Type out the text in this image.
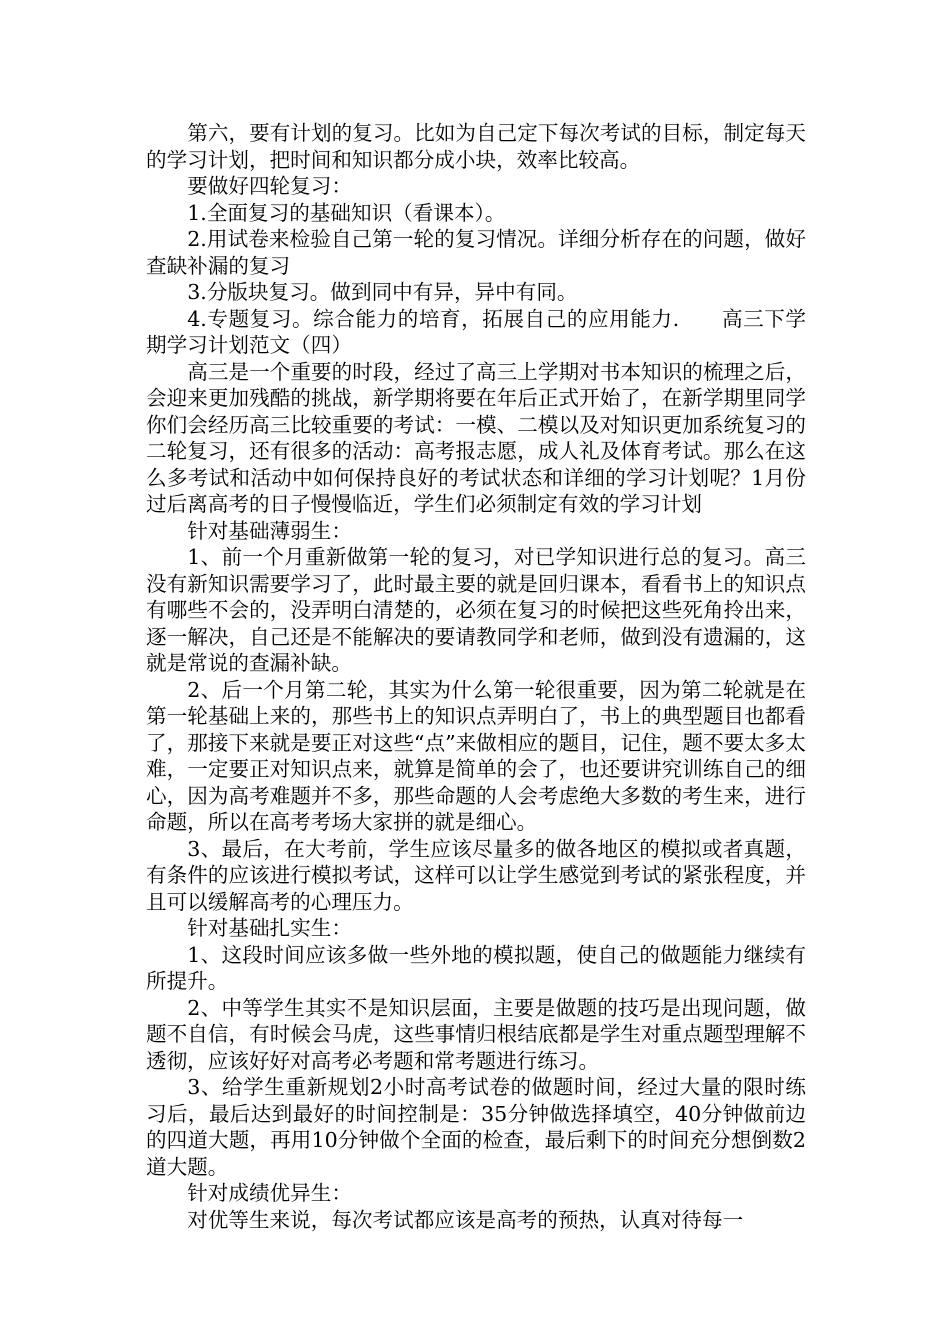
第六，要有计划的复习。比如为自己定下每次考试的目标，制定每天的学习计划，把时间和知识都分成小块，效率比较高。

要做好四轮复习：

1.全面复习的基础知识（看课本）。

2.用试卷来检验自己第一轮的复习情况。详细分析存在的问题，做好查缺补漏的复习

3.分版块复习。做到同中有异，异中有同。

4.专题复习。综合能力的培育，拓展自己的应用能力.　　高三下学期学习计划范文（四）

高三是一个重要的时段，经过了高三上学期对书本知识的梳理之后，会迎来更加残酷的挑战，新学期将要在年后正式开始了，在新学期里同学你们会经历高三比较重要的考试：一模、二模以及对知识更加系统复习的二轮复习，还有很多的活动：高考报志愿，成人礼及体育考试。那么在这么多考试和活动中如何保持良好的考试状态和详细的学习计划呢？1月份过后离高考的日子慢慢临近，学生们必须制定有效的学习计划

针对基础薄弱生：

1、前一个月重新做第一轮的复习，对已学知识进行总的复习。高三没有新知识需要学习了，此时最主要的就是回归课本，看看书上的知识点有哪些不会的，没弄明白清楚的，必须在复习的时候把这些死角拎出来，逐一解决，自己还是不能解决的要请教同学和老师，做到没有遗漏的，这就是常说的查漏补缺。

2、后一个月第二轮，其实为什么第一轮很重要，因为第二轮就是在第一轮基础上来的，那些书上的知识点弄明白了，书上的典型题目也都看了，那接下来就是要正对这些“点”来做相应的题目，记住，题不要太多太难，一定要正对知识点来，就算是简单的会了，也还要讲究训练自己的细心，因为高考难题并不多，那些命题的人会考虑绝大多数的考生来，进行命题，所以在高考考场大家拼的就是细心。

3、最后，在大考前，学生应该尽量多的做各地区的模拟或者真题，有条件的应该进行模拟考试，这样可以让学生感觉到考试的紧张程度，并且可以缓解高考的心理压力。

针对基础扎实生：

1、这段时间应该多做一些外地的模拟题，使自己的做题能力继续有所提升。

2、中等学生其实不是知识层面，主要是做题的技巧是出现问题，做题不自信，有时候会马虎，这些事情归根结底都是学生对重点题型理解不透彻，应该好好对高考必考题和常考题进行练习。

3、给学生重新规划2小时高考试卷的做题时间，经过大量的限时练习后，最后达到最好的时间控制是：35分钟做选择填空，40分钟做前边的四道大题，再用10分钟做个全面的检查，最后剩下的时间充分想倒数2道大题。

针对成绩优异生：

对优等生来说，每次考试都应该是高考的预热，认真对待每一
